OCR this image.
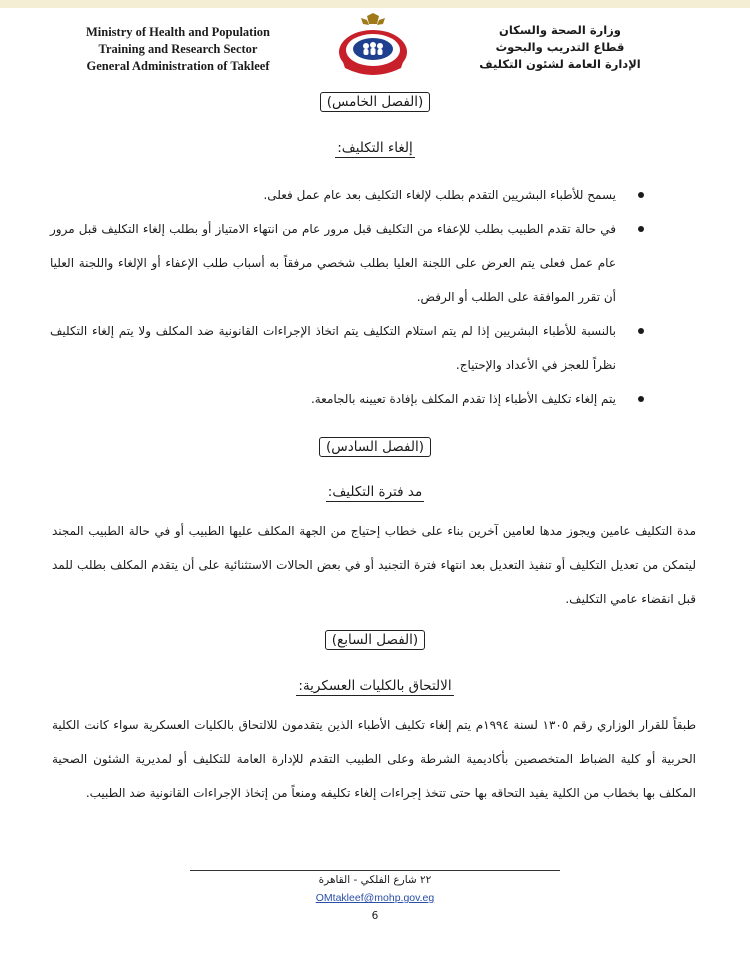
Ministry of Health and Population
Training and Research Sector
General Administration of Takleef
وزارة الصحة والسكان
قطاع التدريب والبحوث
الإدارة العامة لشئون التكليف
(الفصل الخامس)
إلغاء التكليف:
يسمح للأطباء البشريين التقدم بطلب لإلغاء التكليف بعد عام عمل فعلى.
في حالة تقدم الطبيب بطلب للإعفاء من التكليف قبل مرور عام من انتهاء الامتياز أو بطلب إلغاء التكليف قبل مرور عام عمل فعلى يتم العرض على اللجنة العليا بطلب شخصي مرفقاً به أسباب طلب الإعفاء أو الإلغاء واللجنة العليا أن تقرر الموافقة على الطلب أو الرفض.
بالنسبة للأطباء البشريين إذا لم يتم استلام التكليف يتم اتخاذ الإجراءات القانونية ضد المكلف ولا يتم إلغاء التكليف نظراً للعجز في الأعداد والإحتياج.
يتم إلغاء تكليف الأطباء إذا تقدم المكلف بإفادة تعيينه بالجامعة.
(الفصل السادس)
مد فترة التكليف:

مدة التكليف عامين ويجوز مدها لعامين آخرين بناء على خطاب إحتياج من الجهة المكلف عليها الطبيب أو في حالة الطبيب المجند ليتمكن من تعديل التكليف أو تنفيذ التعديل بعد انتهاء فترة التجنيد أو في بعض الحالات الاستثنائية على أن يتقدم المكلف بطلب للمد قبل انقضاء عامي التكليف.

(الفصل السابع)
الالتحاق بالكليات العسكرية:

طبقاً للقرار الوزاري رقم ١٣٠٥ لسنة ١٩٩٤م يتم إلغاء تكليف الأطباء الذين يتقدمون للالتحاق بالكليات العسكرية سواء كانت الكلية الحربية أو كلية الضباط المتخصصين بأكاديمية الشرطة وعلى الطبيب التقدم للإدارة العامة للتكليف أو لمديرية الشئون الصحية المكلف بها بخطاب من الكلية يفيد التحاقه بها حتى تتخذ إجراءات إلغاء تكليفه ومنعاً من إتخاذ الإجراءات القانونية ضد الطبيب.

٢٢ شارع الفلكي - القاهرة
OMtakleef@mohp.gov.eg
6
